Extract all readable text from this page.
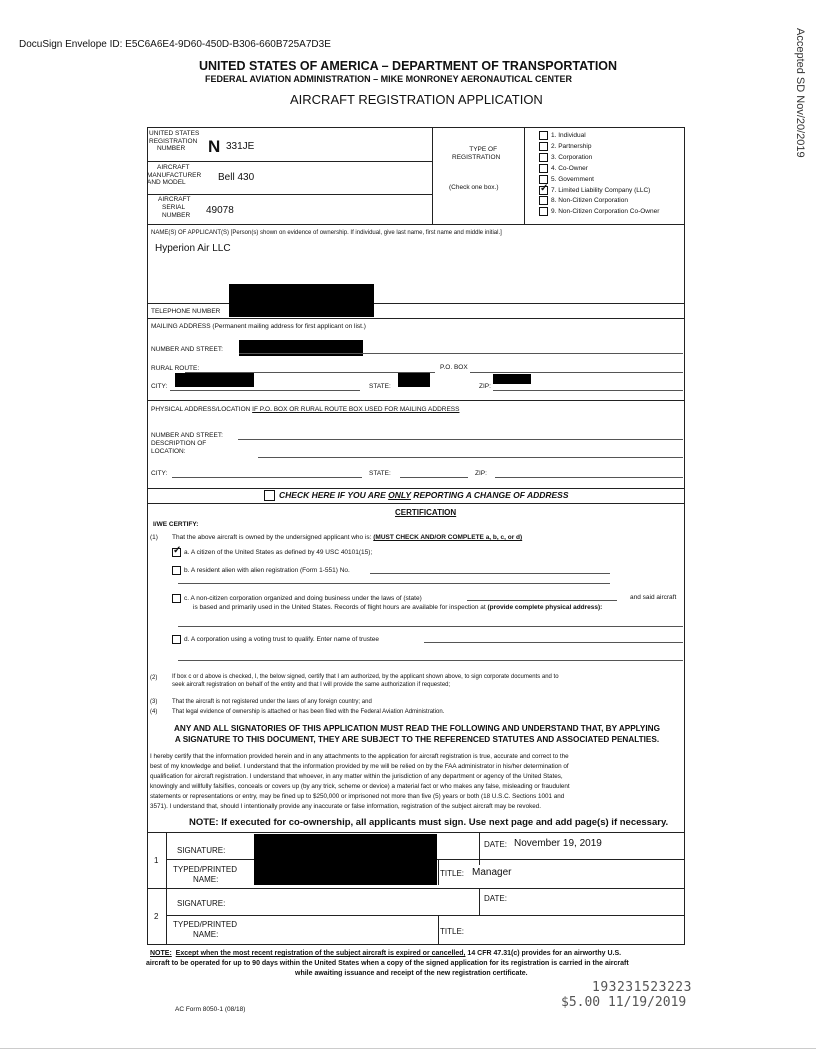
DocuSign Envelope ID: E5C6A6E4-9D60-450D-B306-660B725A7D3E	Accepted SD Nov/20/2019
UNITED STATES OF AMERICA – DEPARTMENT OF TRANSPORTATION
FEDERAL AVIATION ADMINISTRATION – MIKE MONRONEY AERONAUTICAL CENTER
AIRCRAFT REGISTRATION APPLICATION
UNITED STATES
REGISTRATION
NUMBER	N 331JE
AIRCRAFT
MANUFACTURER
AND MODEL	Bell 430
AIRCRAFT
SERIAL
NUMBER 49078
TYPE OF
REGISTRATION
(Check one box.)
1. Individual
2. Partnership
3. Corporation
4. Co-Owner
5. Government
✓
7. Limited Liability Company (LLC)
8. Non-Citizen Corporation
9. Non-Citizen Corporation Co-Owner
NAME(S) OF APPLICANT(S) [Person(s) shown on evidence of ownership. If individual, give last name, first name and middle initial.]
Hyperion Air LLC
TELEPHONE NUMBER
MAILING ADDRESS (Permanent mailing address for first applicant on list.)
NUMBER AND STREET:
RURAL ROUTE:	P.O. BOX
CITY:	STATE:	ZIP:
PHYSICAL ADDRESS/LOCATION IF P.O. BOX OR RURAL ROUTE BOX USED FOR MAILING ADDRESS
NUMBER AND STREET:
DESCRIPTION OF
LOCATION:
CITY:	STATE:	ZIP:
CHECK HERE IF YOU ARE ONLY REPORTING A CHANGE OF ADDRESS
CERTIFICATION
I/WE CERTIFY:
(1) That the above aircraft is owned by the undersigned applicant who is: (MUST CHECK AND/OR COMPLETE a, b, c, or d)
✓
a. A citizen of the United States as defined by 49 USC 40101(15);
b. A resident alien with alien registration (Form 1-551) No.
c. A non-citizen corporation organized and doing business under the laws of (state)	and said aircraft
is based and primarily used in the United States. Records of flight hours are available for inspection at (provide complete physical address):
d. A corporation using a voting trust to qualify. Enter name of trustee
(2) If box c or d above is checked, I, the below signed, certify that I am authorized, by the applicant shown above, to sign corporate documents and to
seek aircraft registration on behalf of the entity and that I will provide the same authorization if requested;
(3) That the aircraft is not registered under the laws of any foreign country; and
(4) That legal evidence of ownership is attached or has been filed with the Federal Aviation Administration.
ANY AND ALL SIGNATORIES OF THIS APPLICATION MUST READ THE FOLLOWING AND UNDERSTAND THAT, BY APPLYING
A SIGNATURE TO THIS DOCUMENT, THEY ARE SUBJECT TO THE REFERENCED STATUTES AND ASSOCIATED PENALTIES.
I hereby certify that the information provided herein and in any attachments to the application for aircraft registration is true, accurate and correct to the
best of my knowledge and belief. I understand that the information provided by me will be relied on by the FAA administrator in his/her determination of
qualification for aircraft registration. I understand that whoever, in any matter within the jurisdiction of any department or agency of the United States,
knowingly and willfully falsifies, conceals or covers up (by any trick, scheme or device) a material fact or who makes any false, misleading or fraudulent
statements or representations or entry, may be fined up to $250,000 or imprisoned not more than five (5) years or both (18 U.S.C. Sections 1001 and
3571). I understand that, should I intentionally provide any inaccurate or false information, registration of the subject aircraft may be revoked.
NOTE: If executed for co-ownership, all applicants must sign. Use next page and add page(s) if necessary.
1
SIGNATURE:
DATE: November 19, 2019
TYPED/PRINTED
NAME:
TITLE: Manager
2
SIGNATURE:
DATE:
TYPED/PRINTED
NAME:	TITLE:
NOTE: Except when the most recent registration of the subject aircraft is expired or cancelled, 14 CFR 47.31(c) provides for an airworthy U.S.
aircraft to be operated for up to 90 days within the United States when a copy of the signed application for its registration is carried in the aircraft
while awaiting issuance and receipt of the new registration certificate.
AC Form 8050-1 (08/18)
193231523223
$5.00 11/19/2019
